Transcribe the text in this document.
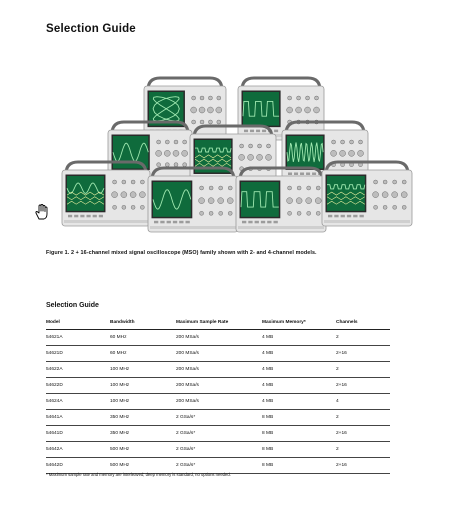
Selection Guide
Figure 1. 2 + 16-channel mixed signal oscilloscope (MSO) family shown with 2- and 4-channel models.
Selection Guide
Model	Bandwidth	Maximum Sample Rate	Maximum Memory*	Channels
54621A	60 MHz	200 MSa/s	4 MB	2
54621D	60 MHz	200 MSa/s	4 MB	2+16
54622A	100 MHz	200 MSa/s	4 MB	2
54622D	100 MHz	200 MSa/s	4 MB	2+16
54624A	100 MHz	200 MSa/s	4 MB	4
54641A	350 MHz	2 GSa/s*	8 MB	2
54641D	350 MHz	2 GSa/s*	8 MB	2+16
54642A	500 MHz	2 GSa/s*	8 MB	2
54642D	500 MHz	2 GSa/s*	8 MB	2+16
* Maximum sample rate and memory are interleaved; deep memory is standard, no options needed.
